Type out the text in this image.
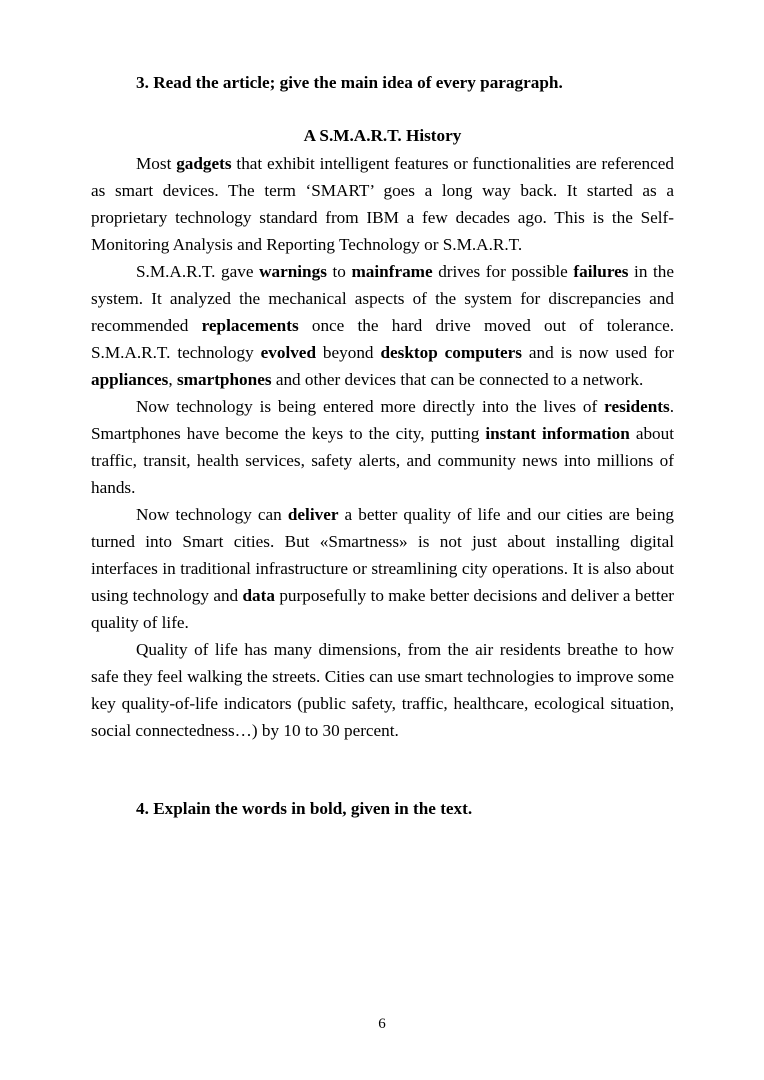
3. Read the article; give the main idea of every paragraph.
A S.M.A.R.T. History

Most gadgets that exhibit intelligent features or functionalities are referenced as smart devices. The term ‘SMART’ goes a long way back. It started as a proprietary technology standard from IBM a few decades ago. This is the Self-Monitoring Analysis and Reporting Technology or S.M.A.R.T.

S.M.A.R.T. gave warnings to mainframe drives for possible failures in the system. It analyzed the mechanical aspects of the system for discrepancies and recommended replacements once the hard drive moved out of tolerance. S.M.A.R.T. technology evolved beyond desktop computers and is now used for appliances, smartphones and other devices that can be connected to a network.

Now technology is being entered more directly into the lives of residents. Smartphones have become the keys to the city, putting instant information about traffic, transit, health services, safety alerts, and community news into millions of hands.

Now technology can deliver a better quality of life and our cities are being turned into Smart cities. But «Smartness» is not just about installing digital interfaces in traditional infrastructure or streamlining city operations. It is also about using technology and data purposefully to make better decisions and deliver a better quality of life.

Quality of life has many dimensions, from the air residents breathe to how safe they feel walking the streets. Cities can use smart technologies to improve some key quality-of-life indicators (public safety, traffic, healthcare, ecological situation, social connectedness…) by 10 to 30 percent.

4. Explain the words in bold, given in the text.
6
